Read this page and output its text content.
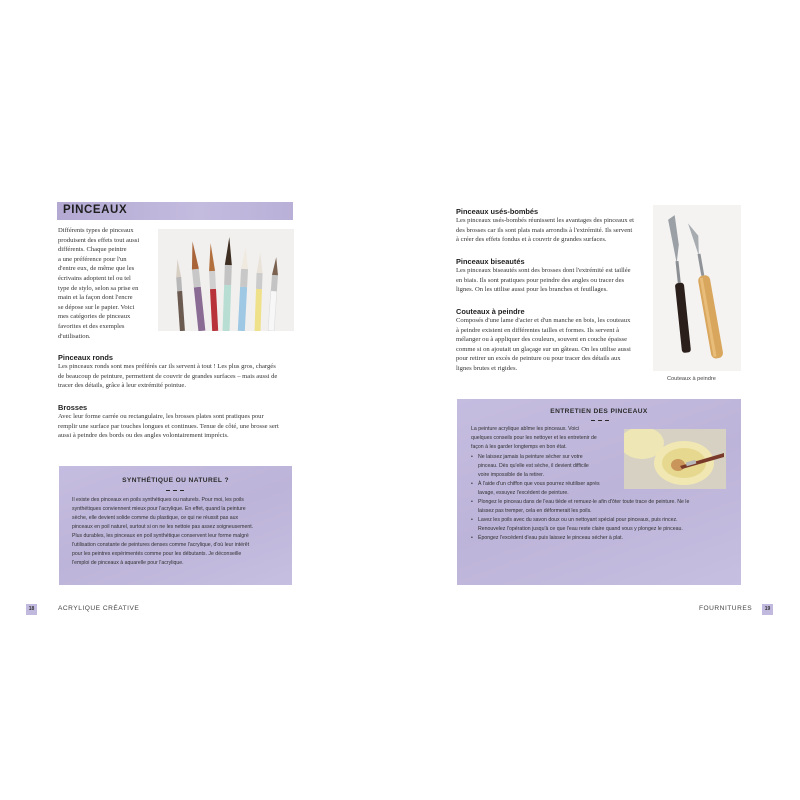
PINCEAUX
Différents types de pinceaux
produisent des effets tout aussi
différents. Chaque peintre
a une préférence pour l'un
d'entre eux, de même que les
écrivains adoptent tel ou tel
type de stylo, selon sa prise en
main et la façon dont l'encre
se dépose sur le papier. Voici
mes catégories de pinceaux
favorites et des exemples
d'utilisation.
Pinceaux ronds
Les pinceaux ronds sont mes préférés car ils servent à tout ! Les plus gros, chargés
de beaucoup de peinture, permettent de couvrir de grandes surfaces – mais aussi de
tracer des détails, grâce à leur extrémité pointue.
Brosses
Avec leur forme carrée ou rectangulaire, les brosses plates sont pratiques pour
remplir une surface par touches longues et continues. Tenue de côté, une brosse sert
aussi à peindre des bords ou des angles volontairement imprécis.
SYNTHÉTIQUE OU NATUREL ?
Il existe des pinceaux en poils synthétiques ou naturels. Pour moi, les poils
synthétiques conviennent mieux pour l'acrylique. En effet, quand la peinture
sèche, elle devient solide comme du plastique, ce qui ne réussit pas aux
pinceaux en poil naturel, surtout si on ne les nettoie pas assez soigneusement.
Plus durables, les pinceaux en poil synthétique conservent leur forme malgré
l'utilisation constante de peintures denses comme l'acrylique, d'où leur intérêt
pour les peintres expérimentés comme pour les débutants. Je déconseille
l'emploi de pinceaux à aquarelle pour l'acrylique.
18	ACRYLIQUE CRÉATIVE
Pinceaux usés-bombés
Les pinceaux usés-bombés réunissent les avantages des pinceaux et
des brosses car ils sont plats mais arrondis à l'extrémité. Ils servent
à créer des effets fondus et à couvrir de grandes surfaces.
Pinceaux biseautés
Les pinceaux biseautés sont des brosses dont l'extrémité est taillée
en biais. Ils sont pratiques pour peindre des angles ou tracer des
lignes. On les utilise aussi pour les branches et feuillages.
Couteaux à peindre
Composés d'une lame d'acier et d'un manche en bois, les couteaux
à peindre existent en différentes tailles et formes. Ils servent à
mélanger ou à appliquer des couleurs, souvent en couche épaisse
comme si on ajoutait un glaçage sur un gâteau. On les utilise aussi
pour retirer un excès de peinture ou pour tracer des détails aux
lignes brutes et rigides.
Couteaux à peindre
ENTRETIEN DES PINCEAUX
La peinture acrylique abîme les pinceaux. Voici
quelques conseils pour les nettoyer et les entretenir de
façon à les garder longtemps en bon état.
• Ne laissez jamais la peinture sécher sur votre
pinceau. Dès qu'elle est sèche, il devient difficile
voire impossible de la retirer.
• À l'aide d'un chiffon que vous pourrez réutiliser après
lavage, essuyez l'excédent de peinture.
• Plongez le pinceau dans de l'eau tiède et remuez-le afin d'ôter toute trace de peinture. Ne le
laissez pas tremper, cela en déformerait les poils.
• Lavez les poils avec du savon doux ou un nettoyant spécial pour pinceaux, puis rincez.
Renouvelez l'opération jusqu'à ce que l'eau reste claire quand vous y plongez le pinceau.
• Épongez l'excédent d'eau puis laissez le pinceau sécher à plat.
FOURNITURES	19
